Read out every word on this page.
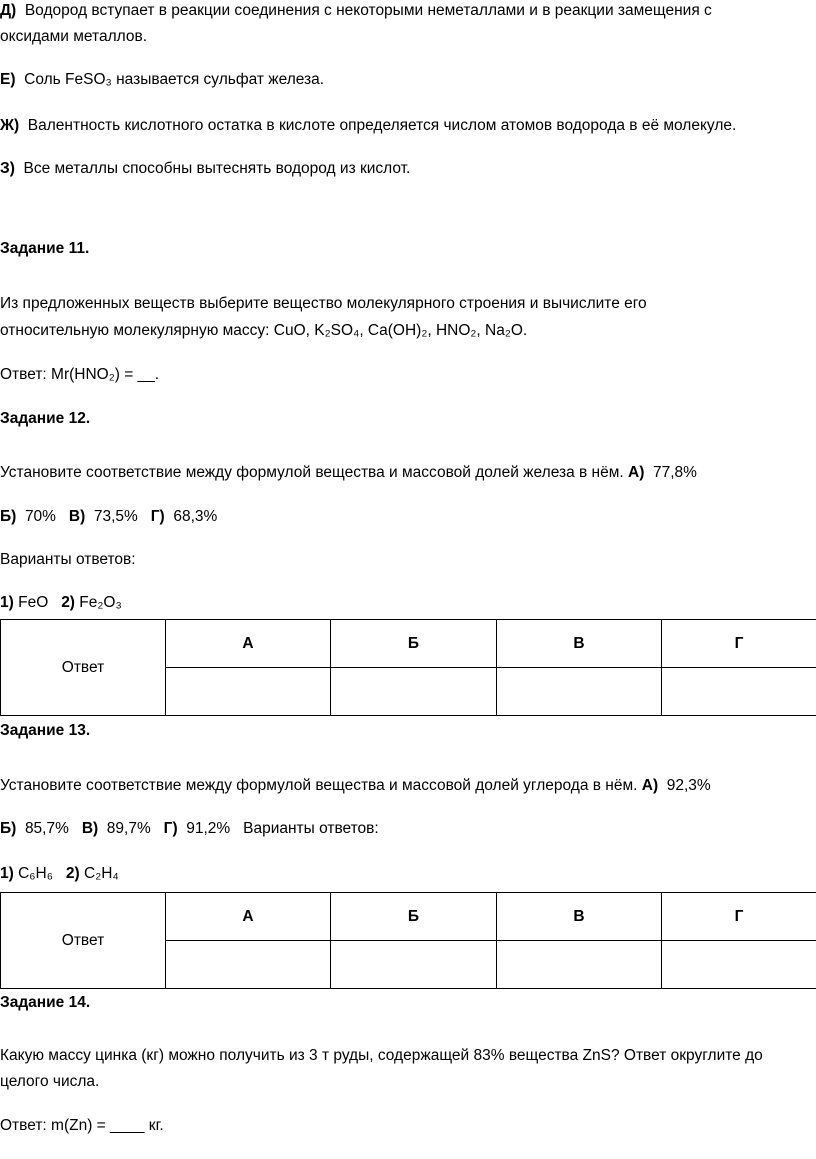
Д) Водород вступает в реакции соединения с некоторыми неметаллами и в реакции замещения с
оксидами металлов.
Е) Соль FeSO₃ называется сульфат железа.
Ж) Валентность кислотного остатка в кислоте определяется числом атомов водорода в её молекуле.
З) Все металлы способны вытеснять водород из кислот.
Задание 11.
Из предложенных веществ выберите вещество молекулярного строения и вычислите его
относительную молекулярную массу: CuO, K₂SO₄, Ca(OH)₂, HNO₂, Na₂O.
Ответ: Mr(HNO₂) = __.
Задание 12.
Установите соответствие между формулой вещества и массовой долей железа в нём. А) 77,8%
Б) 70% В) 73,5% Г) 68,3%
Варианты ответов:
1) FeO 2) Fe₂O₃
Ответ	А	Б	В	Г

Задание 13.
Установите соответствие между формулой вещества и массовой долей углерода в нём. А) 92,3%
Б) 85,7% В) 89,7% Г) 91,2% Варианты ответов:
1) C₆H₆ 2) C₂H₄
Ответ	А	Б	В	Г

Задание 14.
Какую массу цинка (кг) можно получить из 3 т руды, содержащей 83% вещества ZnS? Ответ округлите до
целого числа.
Ответ: m(Zn) = ____ кг.
